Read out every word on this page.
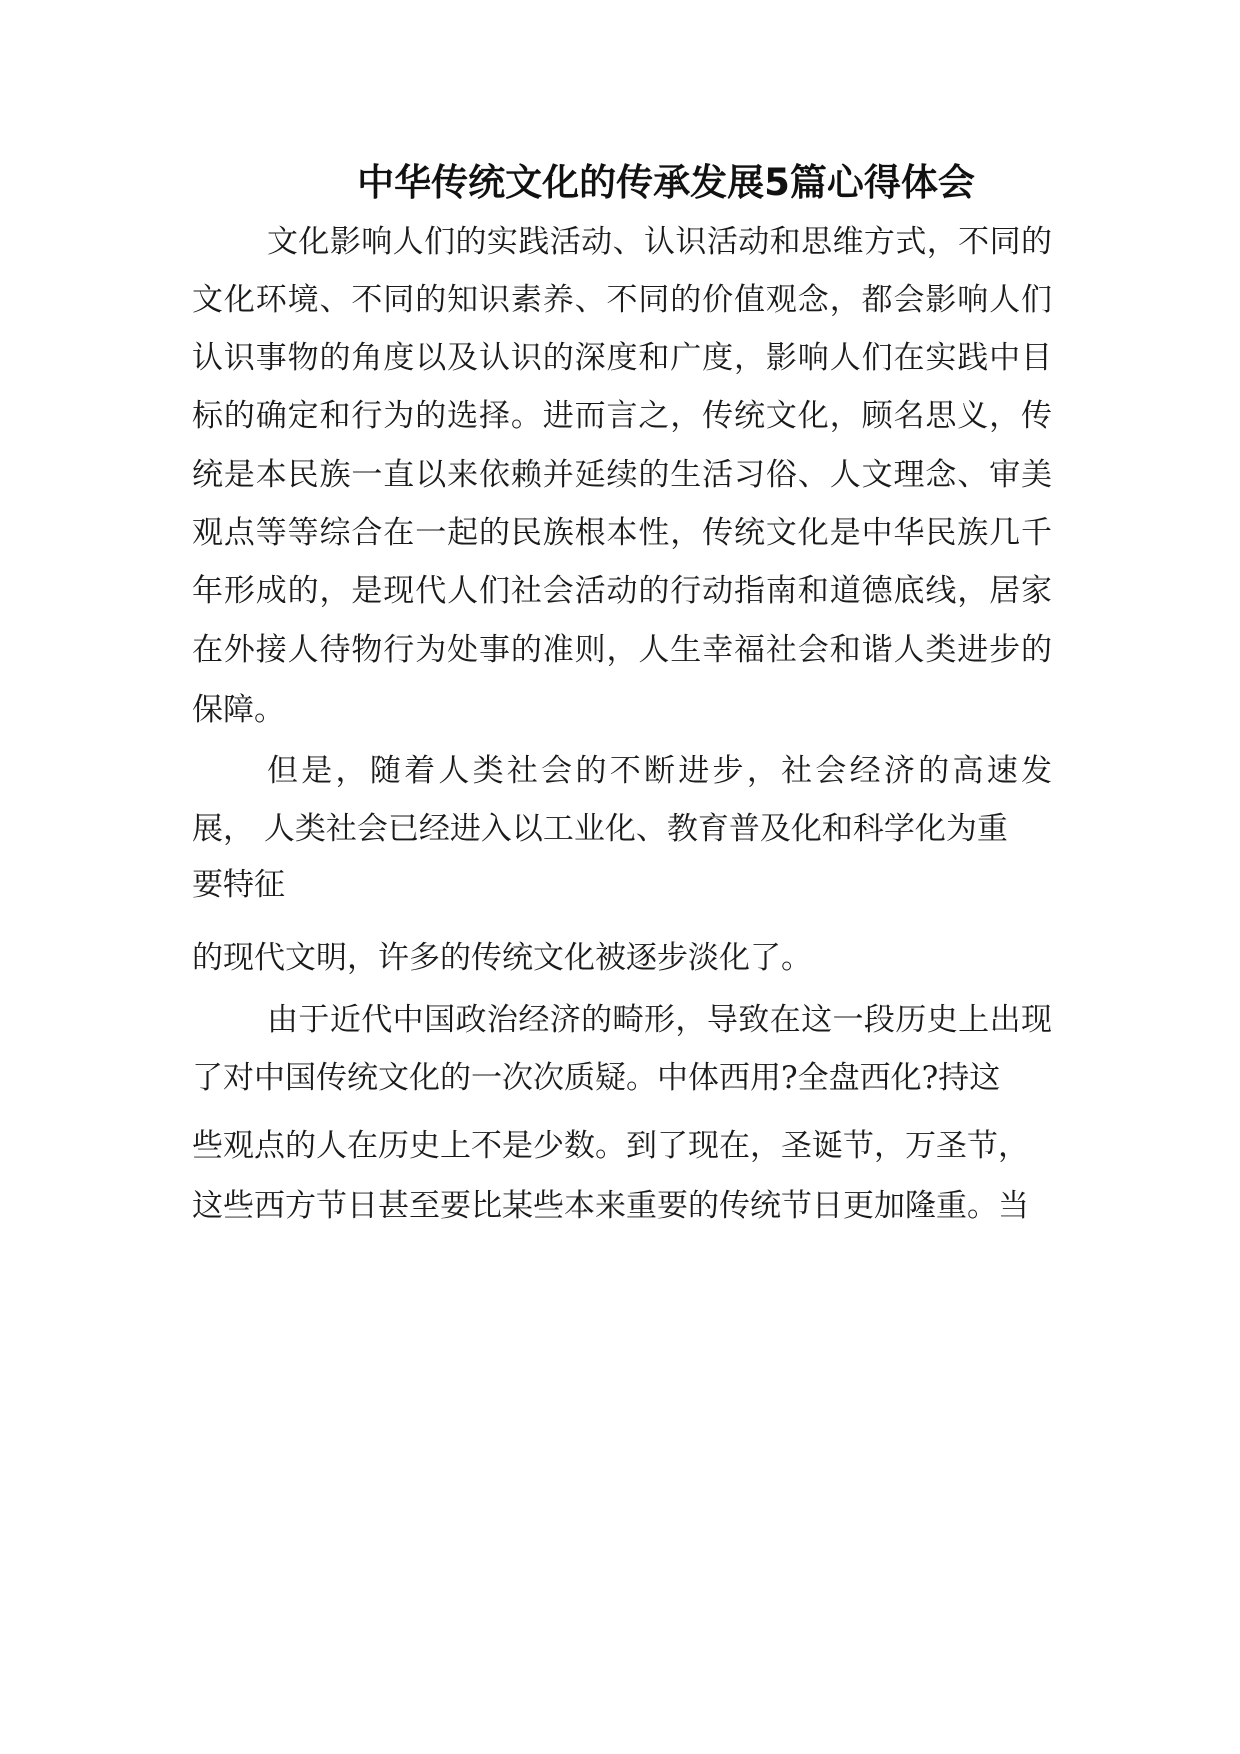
中华传统文化的传承发展5篇心得体会
文化影响人们的实践活动、认识活动和思维方式，不同的
文化环境、不同的知识素养、不同的价值观念，都会影响人们
认识事物的角度以及认识的深度和广度，影响人们在实践中目
标的确定和行为的选择。进而言之，传统文化，顾名思义，传
统是本民族一直以来依赖并延续的生活习俗、人文理念、审美
观点等等综合在一起的民族根本性，传统文化是中华民族几千
年形成的，是现代人们社会活动的行动指南和道德底线，居家
在外接人待物行为处事的准则，人生幸福社会和谐人类进步的
保障。
但是，随着人类社会的不断进步，社会经济的高速发
展， 人类社会已经进入以工业化、教育普及化和科学化为重
要特征
的现代文明，许多的传统文化被逐步淡化了。
由于近代中国政治经济的畸形，导致在这一段历史上出现
了对中国传统文化的一次次质疑。中体西用?全盘西化?持这
些观点的人在历史上不是少数。到了现在，圣诞节，万圣节，
这些西方节日甚至要比某些本来重要的传统节日更加隆重。当
